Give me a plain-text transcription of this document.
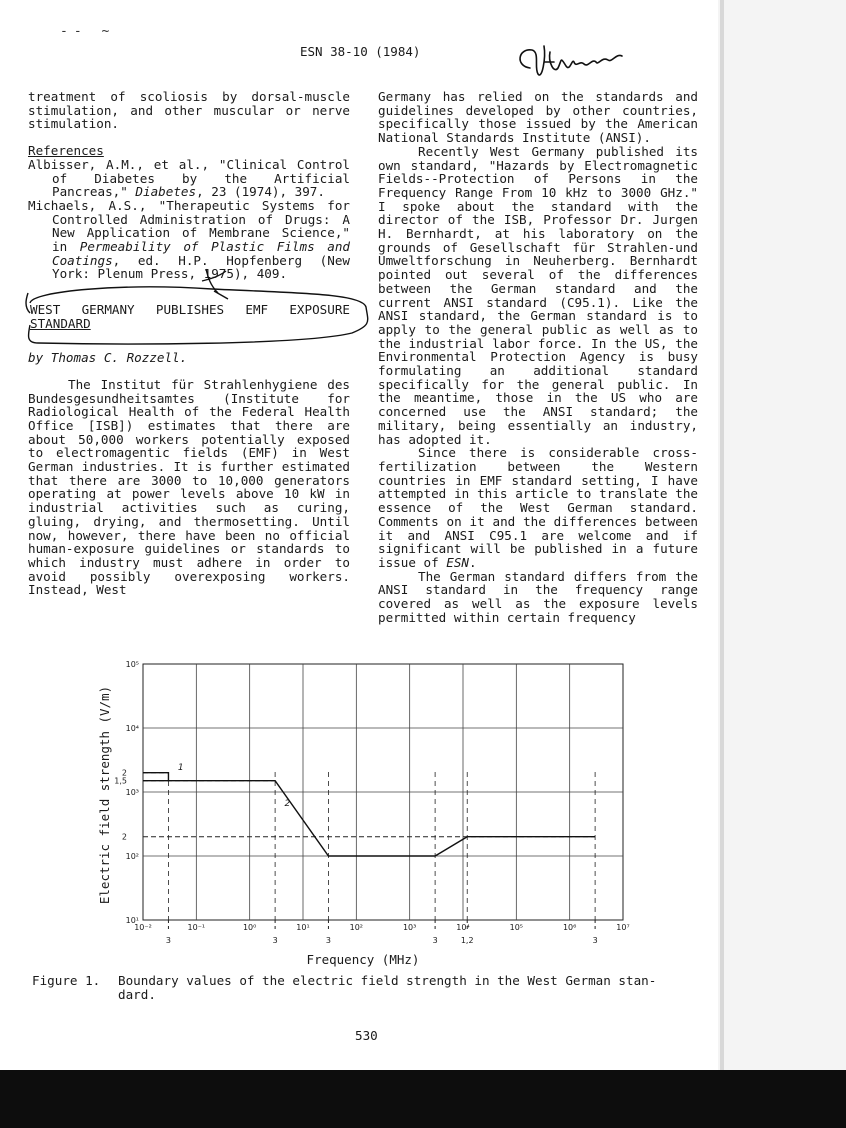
-- ~
ESN 38-10 (1984)

treatment of scoliosis by dorsal-muscle stimulation, and other muscular or nerve stimulation.

References

Albisser, A.M., et al., "Clinical Control of Diabetes by the Artificial Pancreas," Diabetes, 23 (1974), 397.

Michaels, A.S., "Therapeutic Systems for Controlled Administration of Drugs: A New Application of Membrane Science," in Permeability of Plastic Films and Coatings, ed. H.P. Hopfenberg (New York: Plenum Press, 1975), 409.

WEST GERMANY PUBLISHES EMF EXPOSURE
STANDARD

by Thomas C. Rozzell.

The Institut für Strahlenhygiene des Bundesgesundheitsamtes (Institute for Radiological Health of the Federal Health Office [ISB]) estimates that there are about 50,000 workers potentially exposed to electromagentic fields (EMF) in West German industries. It is further estimated that there are 3000 to 10,000 generators operating at power levels above 10 kW in industrial activities such as curing, gluing, drying, and thermosetting. Until now, however, there have been no official human-exposure guidelines or standards to which industry must adhere in order to avoid possibly overexposing workers. Instead, West

Germany has relied on the standards and guidelines developed by other countries, specifically those issued by the American National Standards Institute (ANSI).

Recently West Germany published its own standard, "Hazards by Electromagnetic Fields--Protection of Persons in the Frequency Range From 10 kHz to 3000 GHz." I spoke about the standard with the director of the ISB, Professor Dr. Jurgen H. Bernhardt, at his laboratory on the grounds of Gesellschaft für Strahlen-und Umweltforschung in Neuherberg. Bernhardt pointed out several of the differences between the German standard and the current ANSI standard (C95.1). Like the ANSI standard, the German standard is to apply to the general public as well as to the industrial labor force. In the US, the Environmental Protection Agency is busy formulating an additional standard specifically for the general public. In the meantime, those in the US who are concerned use the ANSI standard; the military, being essentially an industry, has adopted it.

Since there is considerable cross-fertilization between the Western countries in EMF standard setting, I have attempted in this article to translate the essence of the West German standard. Comments on it and the differences between it and ANSI C95.1 are welcome and if significant will be published in a future issue of ESN.

The German standard differs from the ANSI standard in the frequency range covered as well as the exposure levels permitted within certain frequency

1
2
10⁻²	10⁻¹	10⁰	10¹	10²	10³	10⁴	10⁵	10⁶	10⁷
3	3	3	3	1,2	3
10¹
10²
10³
10⁴
10⁵
2
1,5
2
Frequency (MHz)
Electric field strength (V/m)
Figure 1. Boundary values of the electric field strength in the West German stan-
dard.
530
